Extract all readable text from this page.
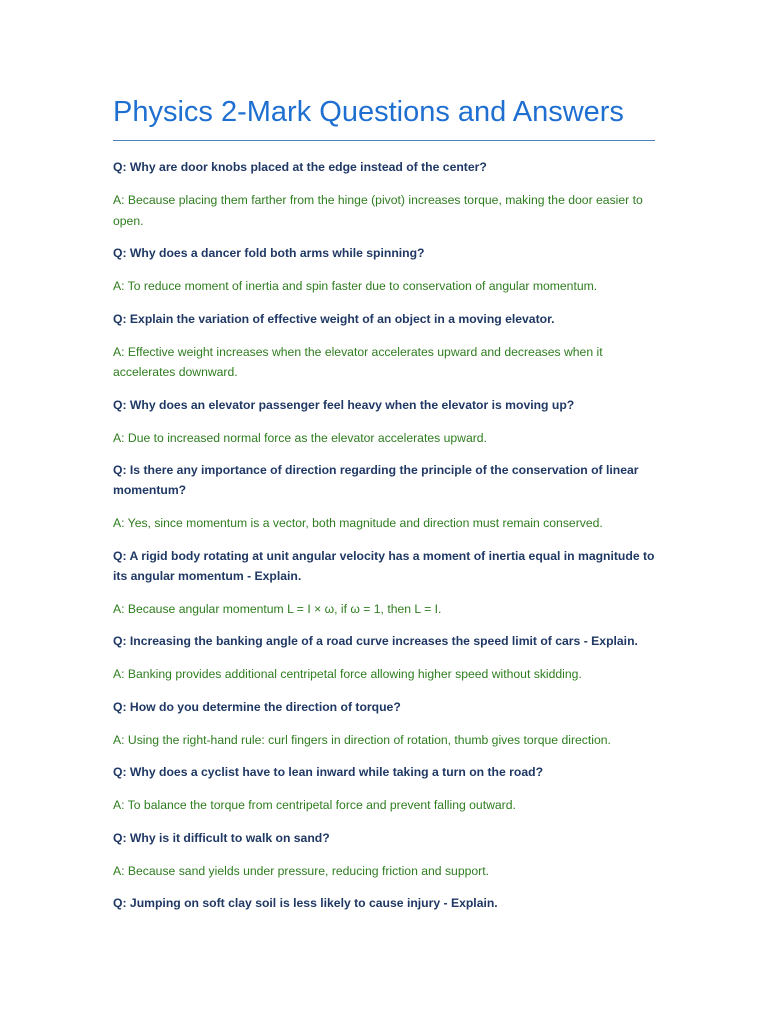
Physics 2-Mark Questions and Answers

Q: Why are door knobs placed at the edge instead of the center?

A: Because placing them farther from the hinge (pivot) increases torque, making the door easier to open.

Q: Why does a dancer fold both arms while spinning?

A: To reduce moment of inertia and spin faster due to conservation of angular momentum.

Q: Explain the variation of effective weight of an object in a moving elevator.

A: Effective weight increases when the elevator accelerates upward and decreases when it accelerates downward.

Q: Why does an elevator passenger feel heavy when the elevator is moving up?

A: Due to increased normal force as the elevator accelerates upward.

Q: Is there any importance of direction regarding the principle of the conservation of linear momentum?

A: Yes, since momentum is a vector, both magnitude and direction must remain conserved.

Q: A rigid body rotating at unit angular velocity has a moment of inertia equal in magnitude to its angular momentum - Explain.

A: Because angular momentum L = I × ω, if ω = 1, then L = I.

Q: Increasing the banking angle of a road curve increases the speed limit of cars - Explain.

A: Banking provides additional centripetal force allowing higher speed without skidding.

Q: How do you determine the direction of torque?

A: Using the right-hand rule: curl fingers in direction of rotation, thumb gives torque direction.

Q: Why does a cyclist have to lean inward while taking a turn on the road?

A: To balance the torque from centripetal force and prevent falling outward.

Q: Why is it difficult to walk on sand?

A: Because sand yields under pressure, reducing friction and support.

Q: Jumping on soft clay soil is less likely to cause injury - Explain.
